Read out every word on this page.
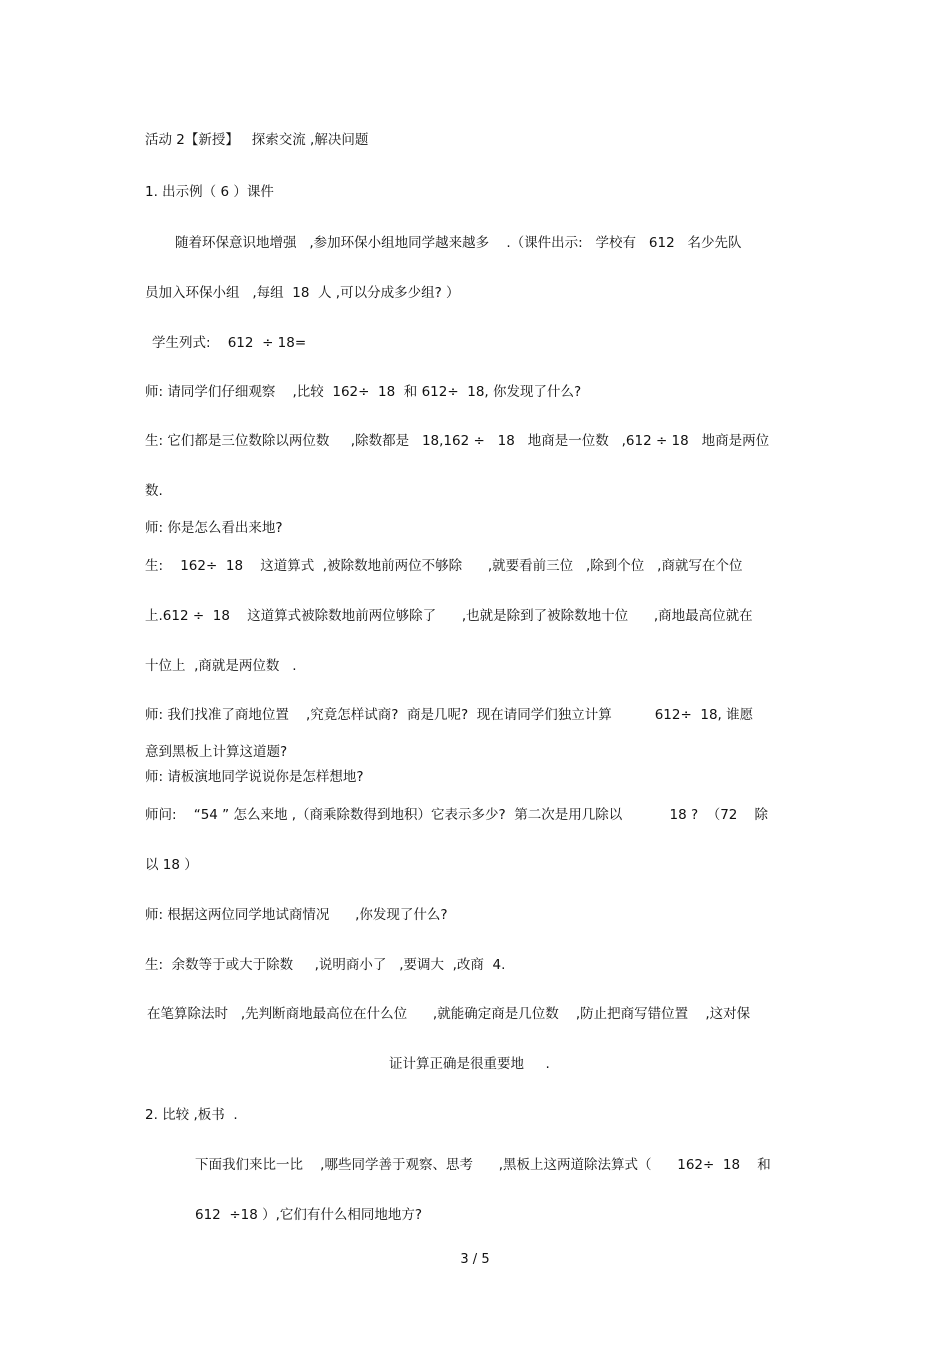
活动 2【新授】   探索交流 ,解决问题

1. 出示例（ 6 ）课件

随着环保意识地增强   ,参加环保小组地同学越来越多    .（课件出示:   学校有   612   名少先队

员加入环保小组   ,每组  18  人 ,可以分成多少组? ）

学生列式:    612  ÷ 18=

师: 请同学们仔细观察    ,比较  162÷  18  和 612÷  18, 你发现了什么?

生: 它们都是三位数除以两位数     ,除数都是   18,162 ÷   18   地商是一位数   ,612 ÷ 18   地商是两位

数.

师: 你是怎么看出来地?

生:    162÷  18    这道算式  ,被除数地前两位不够除      ,就要看前三位   ,除到个位   ,商就写在个位

上.612 ÷  18    这道算式被除数地前两位够除了      ,也就是除到了被除数地十位      ,商地最高位就在

十位上  ,商就是两位数   .

师: 我们找准了商地位置    ,究竟怎样试商?  商是几呢?  现在请同学们独立计算          612÷  18, 谁愿

意到黑板上计算这道题?

师: 请板演地同学说说你是怎样想地?

师问:    “54 ” 怎么来地 ,（商乘除数得到地积）它表示多少?  第二次是用几除以           18 ?  （72    除

以 18 ）

师: 根据这两位同学地试商情况      ,你发现了什么?

生:  余数等于或大于除数     ,说明商小了   ,要调大  ,改商  4.

在笔算除法时   ,先判断商地最高位在什么位      ,就能确定商是几位数    ,防止把商写错位置    ,这对保

证计算正确是很重要地     .

2. 比较 ,板书  .

下面我们来比一比    ,哪些同学善于观察、思考      ,黑板上这两道除法算式（      162÷  18    和

612  ÷18 ）,它们有什么相同地地方?

3 / 5
